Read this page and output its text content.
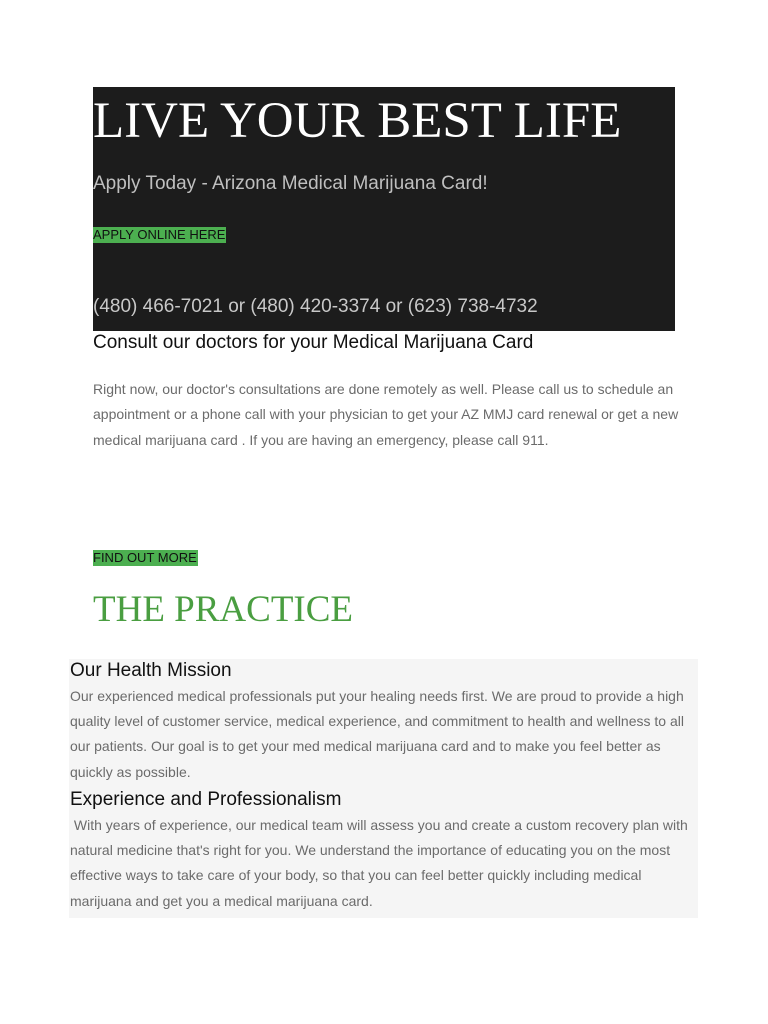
LIVE YOUR BEST LIFE
Apply Today - Arizona Medical Marijuana Card!
APPLY ONLINE HERE
(480) 466-7021 or (480) 420-3374 or (623) 738-4732
Consult our doctors for your Medical Marijuana Card

Right now, our doctor's consultations are done remotely as well. Please call us to schedule an appointment or a phone call with your physician to get your AZ MMJ card renewal or get a new medical marijuana card . If you are having an emergency, please call 911.

FIND OUT MORE
THE PRACTICE
Our Health Mission

Our experienced medical professionals put your healing needs first. We are proud to provide a high quality level of customer service, medical experience, and commitment to health and wellness to all our patients. Our goal is to get your med medical marijuana card and to make you feel better as quickly as possible.

Experience and Professionalism

With years of experience, our medical team will assess you and create a custom recovery plan with natural medicine that's right for you. We understand the importance of educating you on the most effective ways to take care of your body, so that you can feel better quickly including medical marijuana and get you a medical marijuana card.
